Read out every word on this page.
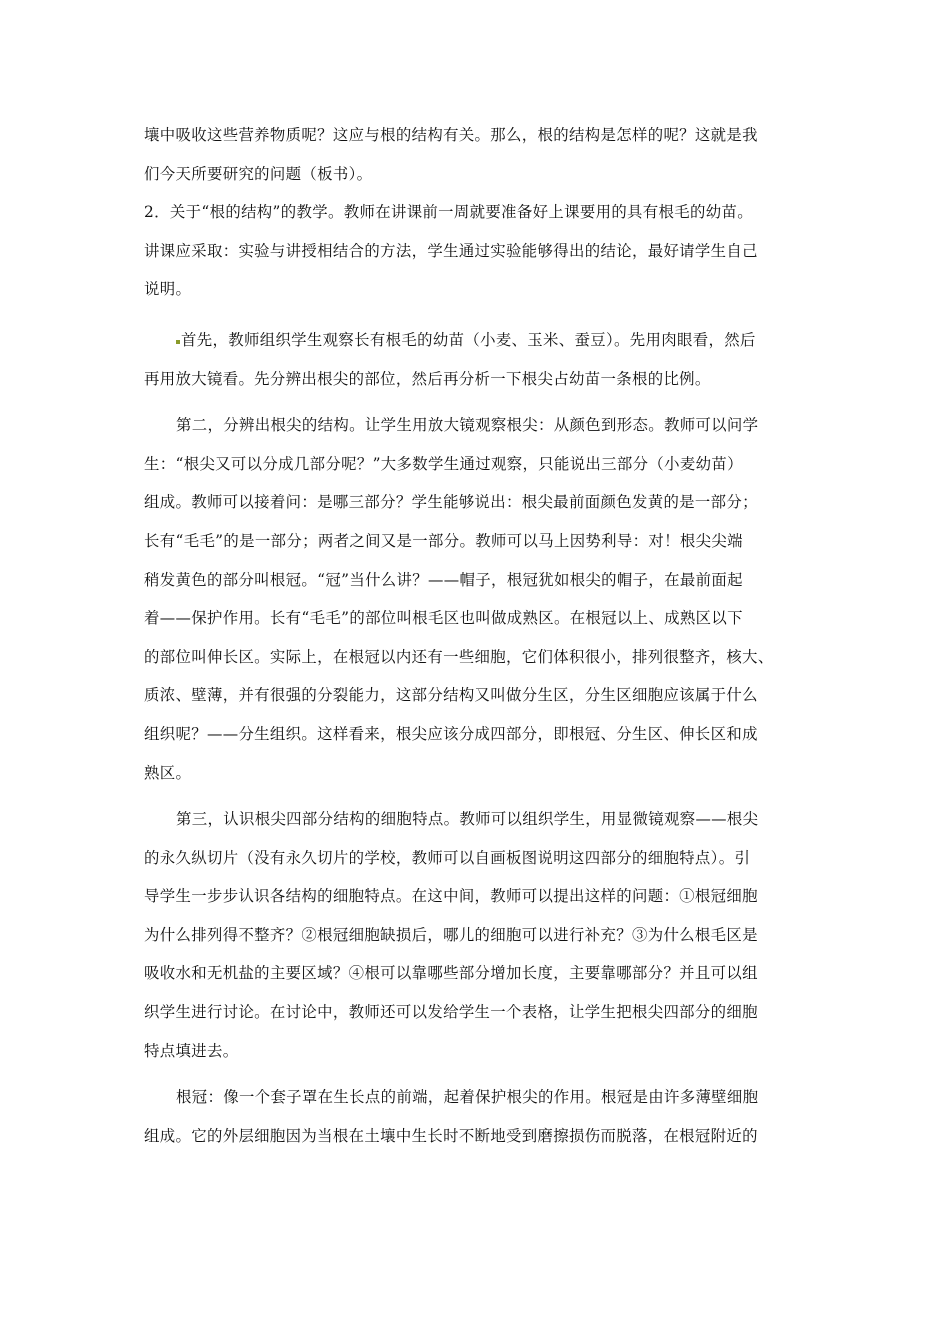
壤中吸收这些营养物质呢？这应与根的结构有关。那么，根的结构是怎样的呢？这就是我
们今天所要研究的问题（板书）。

2．关于“根的结构”的教学。教师在讲课前一周就要准备好上课要用的具有根毛的幼苗。
讲课应采取：实验与讲授相结合的方法，学生通过实验能够得出的结论，最好请学生自己
说明。

首先，教师组织学生观察长有根毛的幼苗（小麦、玉米、蚕豆）。先用肉眼看，然后
再用放大镜看。先分辨出根尖的部位，然后再分析一下根尖占幼苗一条根的比例。

第二，分辨出根尖的结构。让学生用放大镜观察根尖：从颜色到形态。教师可以问学
生：“根尖又可以分成几部分呢？”大多数学生通过观察，只能说出三部分（小麦幼苗）
组成。教师可以接着问：是哪三部分？学生能够说出：根尖最前面颜色发黄的是一部分；
长有“毛毛”的是一部分；两者之间又是一部分。教师可以马上因势利导：对！根尖尖端
稍发黄色的部分叫根冠。“冠”当什么讲？——帽子，根冠犹如根尖的帽子，在最前面起
着——保护作用。长有“毛毛”的部位叫根毛区也叫做成熟区。在根冠以上、成熟区以下
的部位叫伸长区。实际上，在根冠以内还有一些细胞，它们体积很小，排列很整齐，核大、
质浓、壁薄，并有很强的分裂能力，这部分结构又叫做分生区，分生区细胞应该属于什么
组织呢？——分生组织。这样看来，根尖应该分成四部分，即根冠、分生区、伸长区和成
熟区。

第三，认识根尖四部分结构的细胞特点。教师可以组织学生，用显微镜观察——根尖
的永久纵切片（没有永久切片的学校，教师可以自画板图说明这四部分的细胞特点）。引
导学生一步步认识各结构的细胞特点。在这中间，教师可以提出这样的问题：①根冠细胞
为什么排列得不整齐？②根冠细胞缺损后，哪儿的细胞可以进行补充？③为什么根毛区是
吸收水和无机盐的主要区域？④根可以靠哪些部分增加长度，主要靠哪部分？并且可以组
织学生进行讨论。在讨论中，教师还可以发给学生一个表格，让学生把根尖四部分的细胞
特点填进去。

根冠：像一个套子罩在生长点的前端，起着保护根尖的作用。根冠是由许多薄壁细胞
组成。它的外层细胞因为当根在土壤中生长时不断地受到磨擦损伤而脱落，在根冠附近的
